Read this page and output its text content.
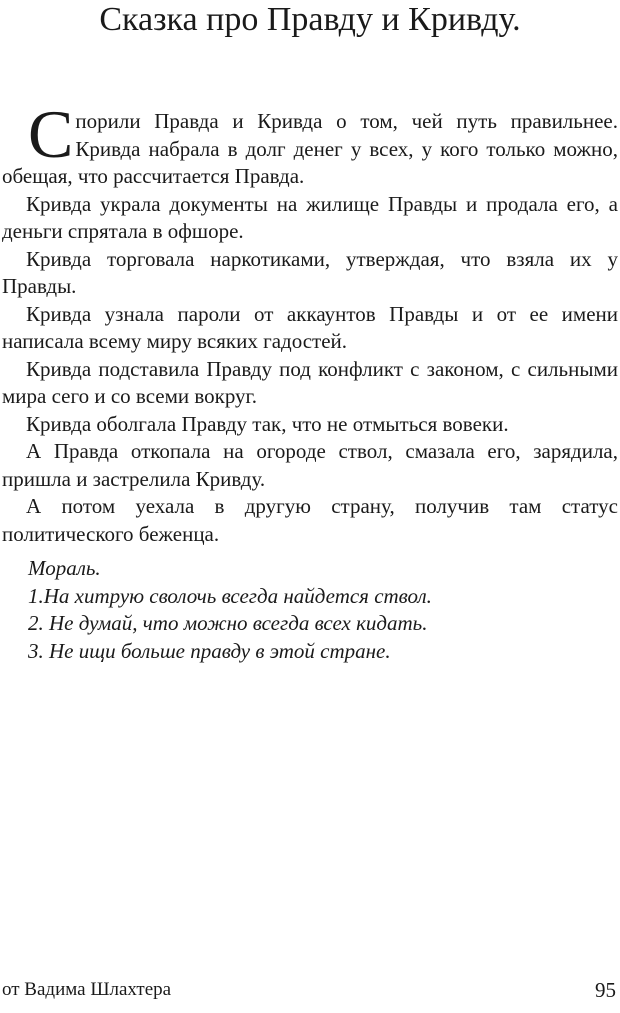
Сказка про Правду и Кривду.

Спорили Правда и Кривда о том, чей путь правильнее. Кривда набрала в долг денег у всех, у кого только можно, обещая, что рассчитается Правда.

Кривда украла документы на жилище Правды и продала его, а деньги спрятала в офшоре.

Кривда торговала наркотиками, утверждая, что взяла их у Правды.

Кривда узнала пароли от аккаунтов Правды и от ее имени написала всему миру всяких гадостей.

Кривда подставила Правду под конфликт с законом, с сильными мира сего и со всеми вокруг.

Кривда оболгала Правду так, что не отмыться вовеки.

А Правда откопала на огороде ствол, смазала его, зарядила, пришла и застрелила Кривду.

А потом уехала в другую страну, получив там статус политического беженца.

Мораль.
1.На хитрую сволочь всегда найдется ствол.
2. Не думай, что можно всегда всех кидать.
3. Не ищи больше правду в этой стране.
от Вадима Шлахтера	95
